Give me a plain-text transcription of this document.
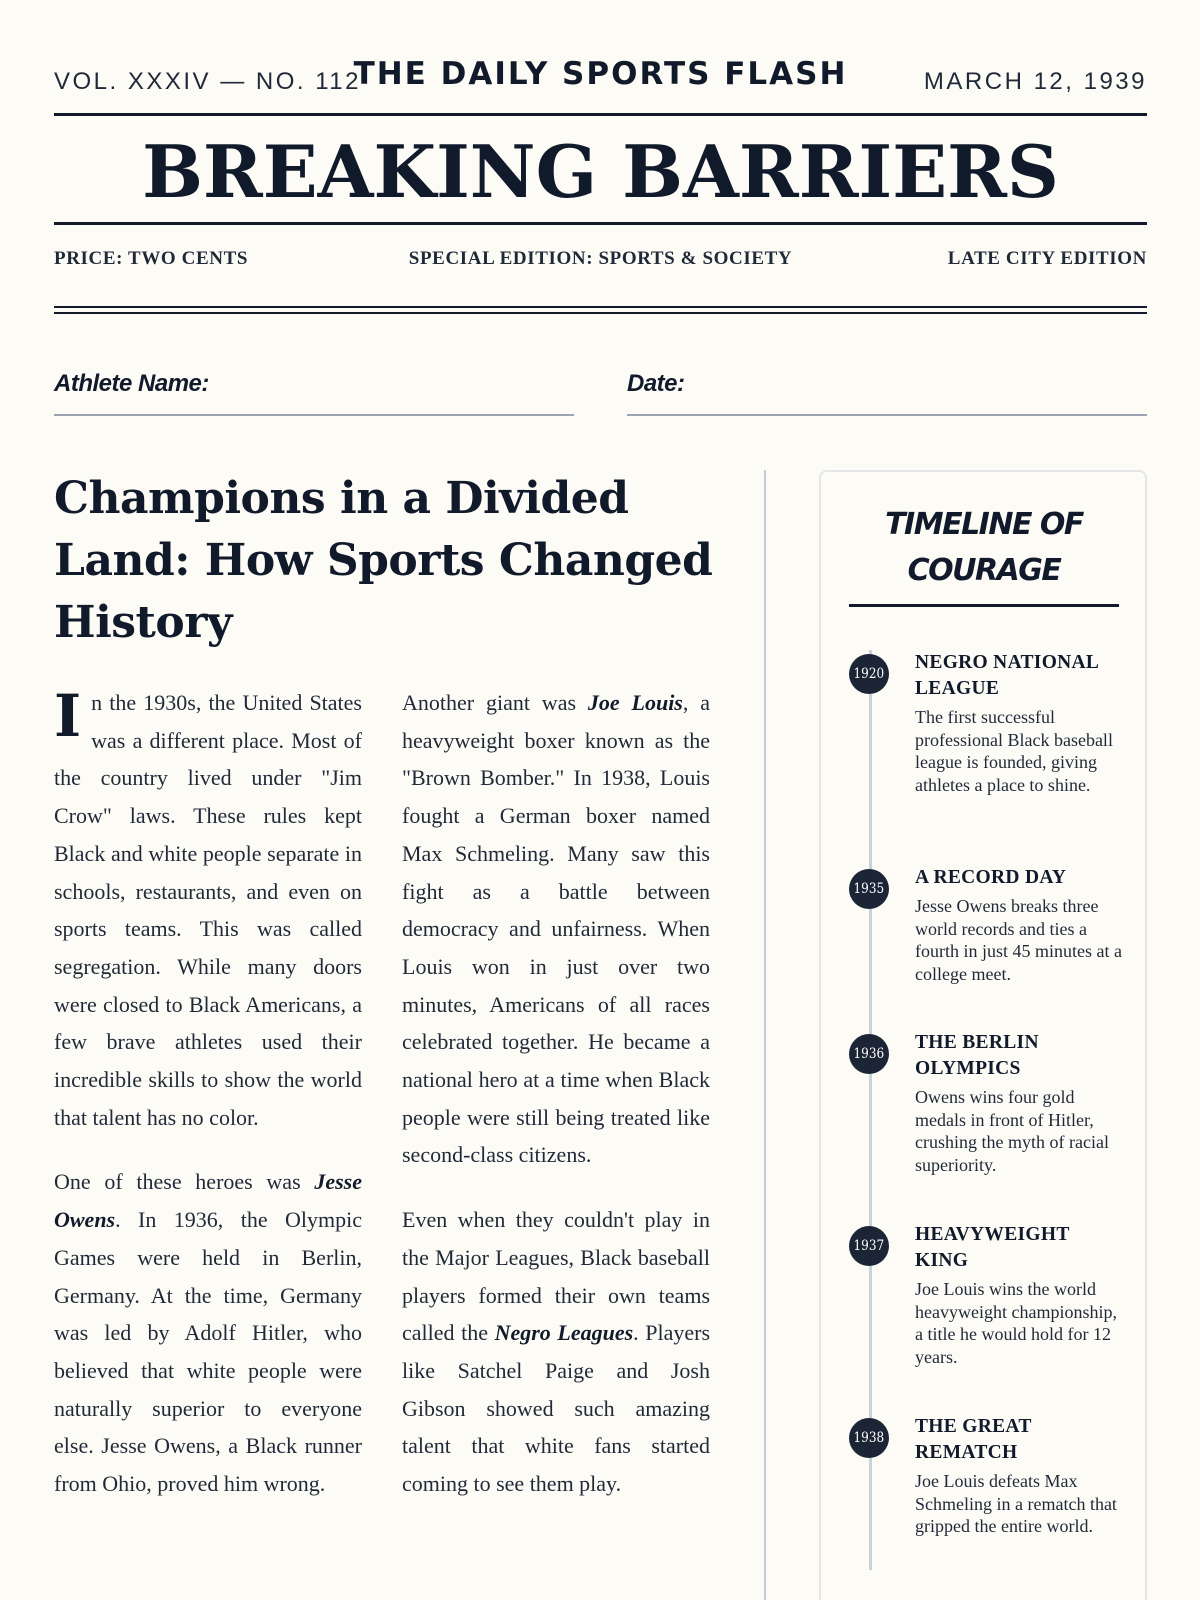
VOL. XXXIV — NO. 112
THE DAILY SPORTS FLASH	MARCH 12, 1939
BREAKING BARRIERS
PRICE: TWO CENTS	SPECIAL EDITION: SPORTS & SOCIETY	LATE CITY EDITION
Athlete Name:	Date:
Champions in a Divided Land: How Sports Changed History

In the 1930s, the United States was a different place. Most of the country lived under "Jim Crow" laws. These rules kept Black and white people separate in schools, restaurants, and even on sports teams. This was called segregation. While many doors were closed to Black Americans, a few brave athletes used their incredible skills to show the world that talent has no color.

One of these heroes was Jesse Owens. In 1936, the Olympic Games were held in Berlin, Germany. At the time, Germany was led by Adolf Hitler, who believed that white people were naturally superior to everyone else. Jesse Owens, a Black runner from Ohio, proved him wrong.

Another giant was Joe Louis, a heavyweight boxer known as the "Brown Bomber." In 1938, Louis fought a German boxer named Max Schmeling. Many saw this fight as a battle between democracy and unfairness. When Louis won in just over two minutes, Americans of all races celebrated together. He became a national hero at a time when Black people were still being treated like second-class citizens.

Even when they couldn't play in the Major Leagues, Black baseball players formed their own teams called the Negro Leagues. Players like Satchel Paige and Josh Gibson showed such amazing talent that white fans started coming to see them play.

TIMELINE OF COURAGE
1920
NEGRO NATIONAL LEAGUE
The first successful professional Black baseball league is founded, giving athletes a place to shine.
1935
A RECORD DAY
Jesse Owens breaks three world records and ties a fourth in just 45 minutes at a college meet.
1936
THE BERLIN OLYMPICS
Owens wins four gold medals in front of Hitler, crushing the myth of racial superiority.
1937
HEAVYWEIGHT KING
Joe Louis wins the world heavyweight championship, a title he would hold for 12 years.
1938
THE GREAT REMATCH
Joe Louis defeats Max Schmeling in a rematch that gripped the entire world.
